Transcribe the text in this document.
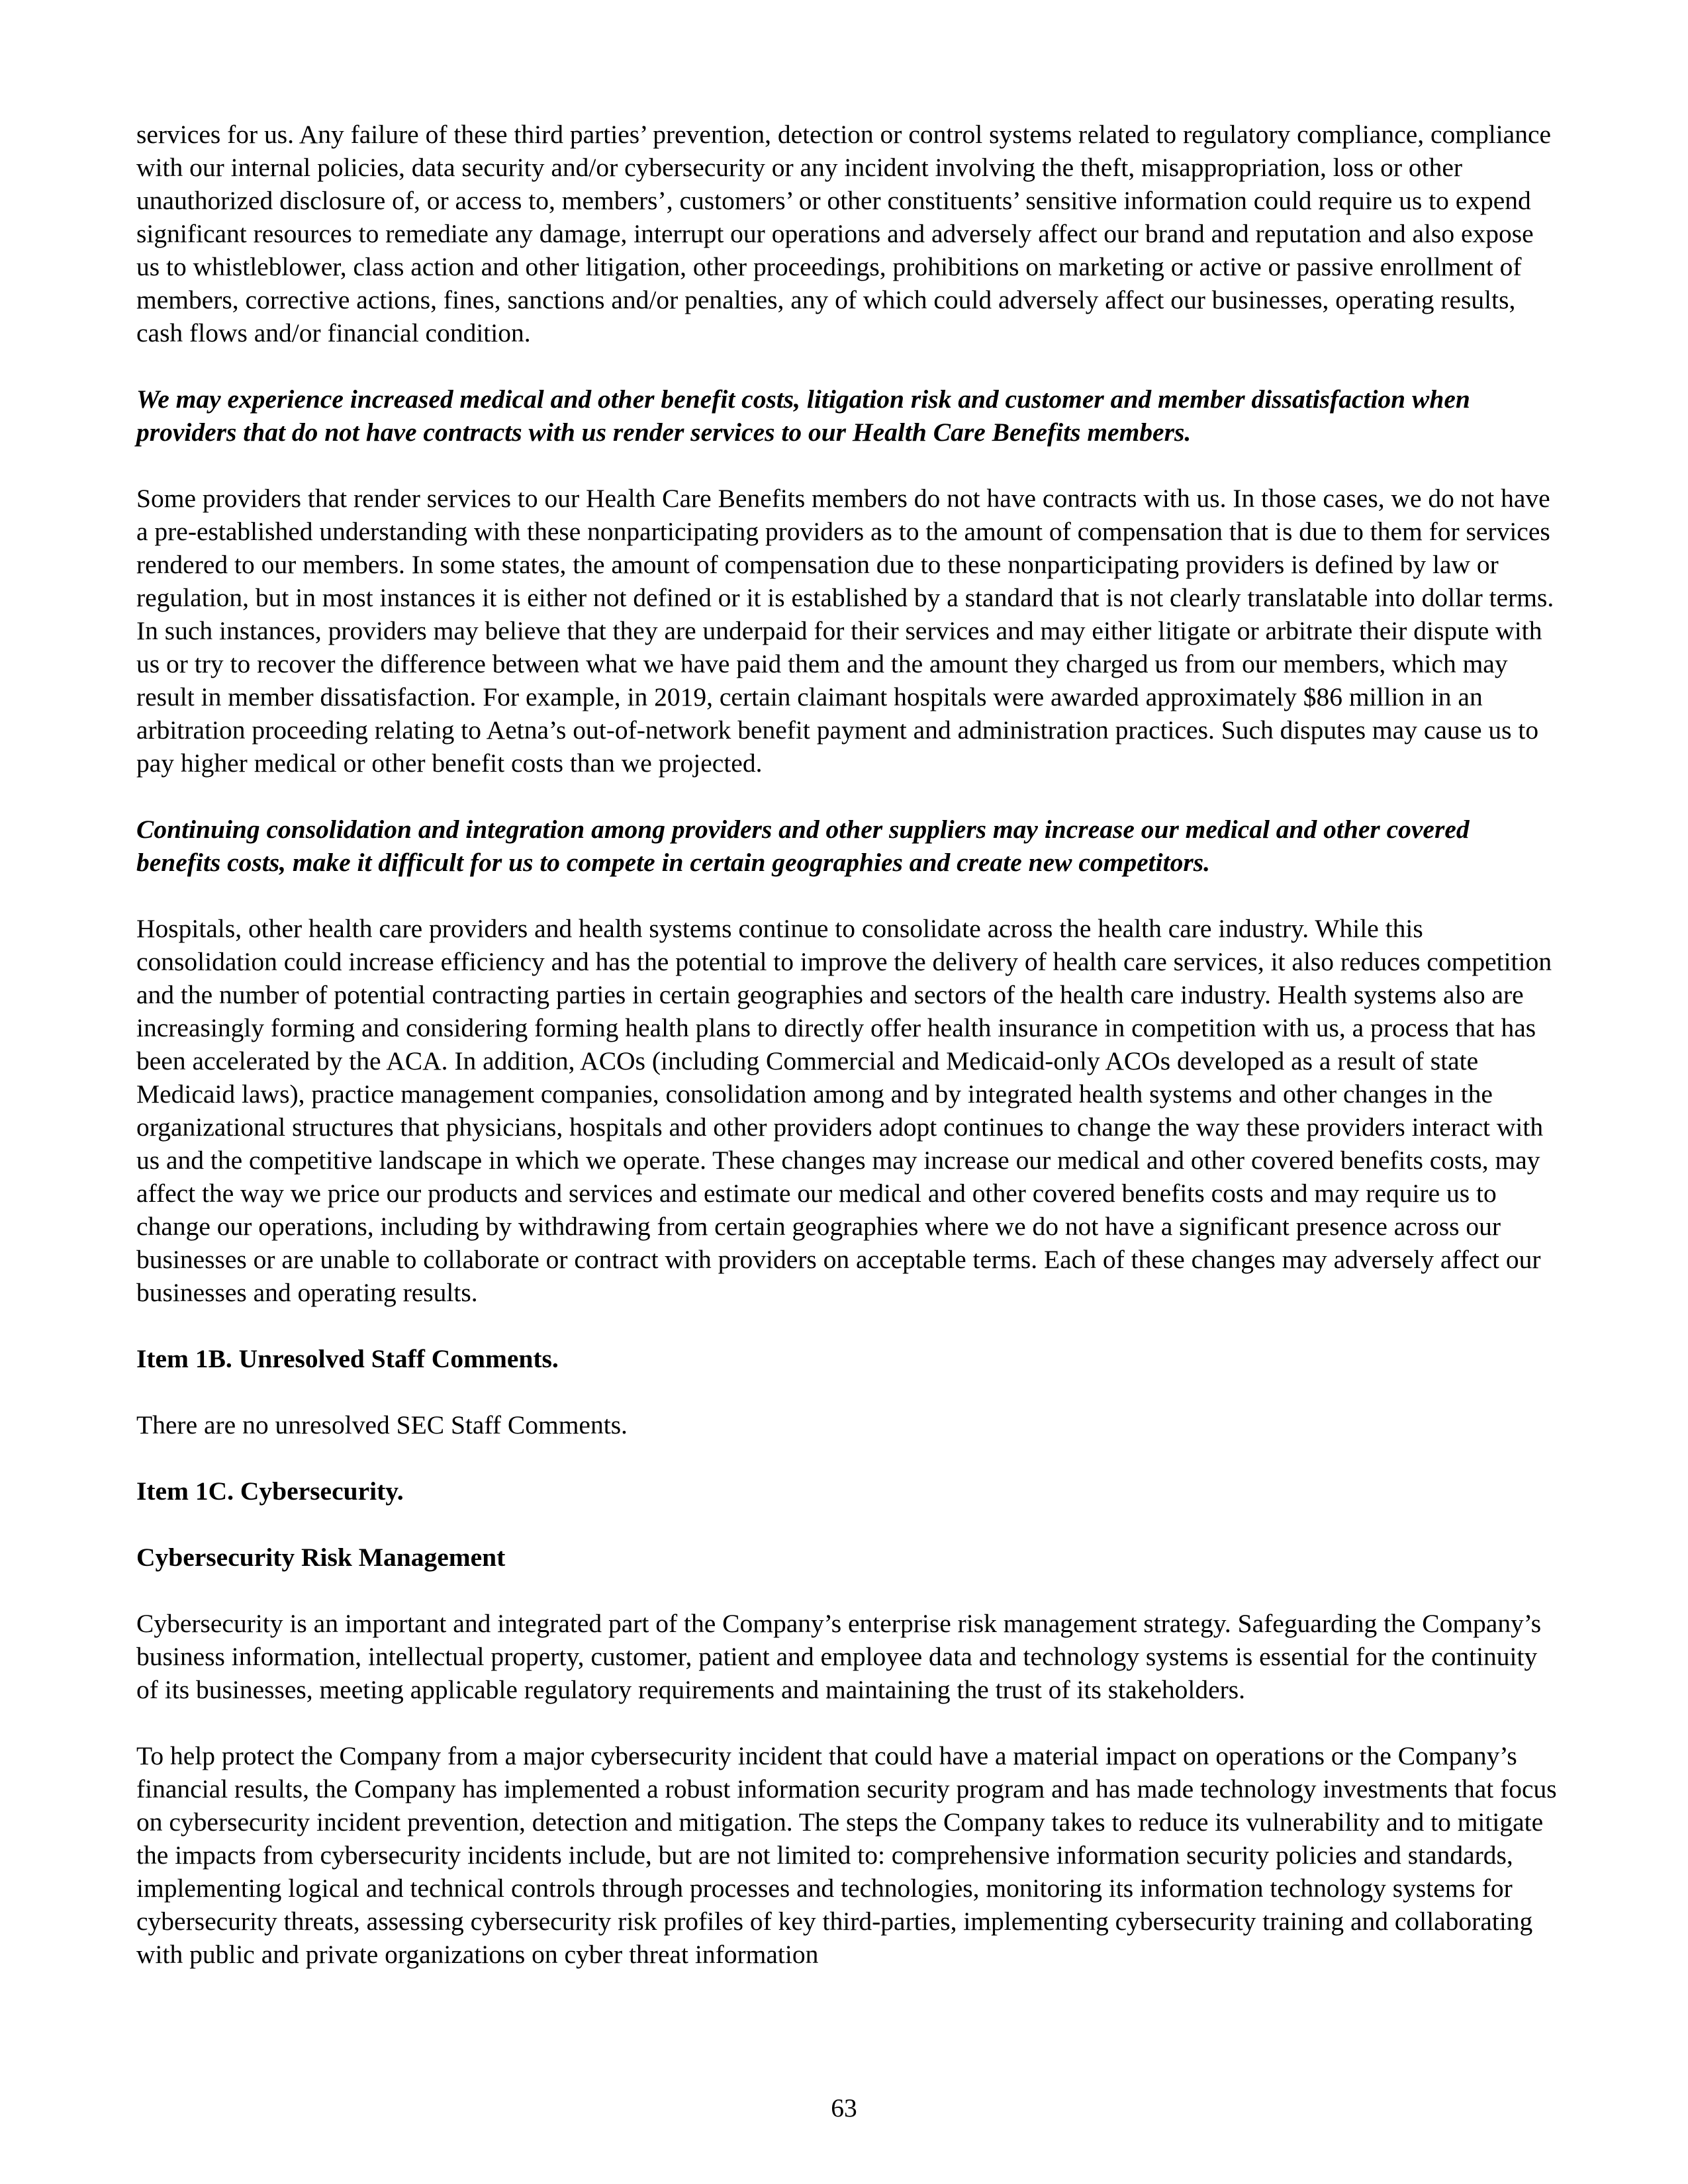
services for us. Any failure of these third parties’ prevention, detection or control systems related to regulatory compliance, compliance with our internal policies, data security and/or cybersecurity or any incident involving the theft, misappropriation, loss or other unauthorized disclosure of, or access to, members’, customers’ or other constituents’ sensitive information could require us to expend significant resources to remediate any damage, interrupt our operations and adversely affect our brand and reputation and also expose us to whistleblower, class action and other litigation, other proceedings, prohibitions on marketing or active or passive enrollment of members, corrective actions, fines, sanctions and/or penalties, any of which could adversely affect our businesses, operating results, cash flows and/or financial condition.

We may experience increased medical and other benefit costs, litigation risk and customer and member dissatisfaction when providers that do not have contracts with us render services to our Health Care Benefits members.

Some providers that render services to our Health Care Benefits members do not have contracts with us. In those cases, we do not have a pre-established understanding with these nonparticipating providers as to the amount of compensation that is due to them for services rendered to our members. In some states, the amount of compensation due to these nonparticipating providers is defined by law or regulation, but in most instances it is either not defined or it is established by a standard that is not clearly translatable into dollar terms. In such instances, providers may believe that they are underpaid for their services and may either litigate or arbitrate their dispute with us or try to recover the difference between what we have paid them and the amount they charged us from our members, which may result in member dissatisfaction. For example, in 2019, certain claimant hospitals were awarded approximately $86 million in an arbitration proceeding relating to Aetna’s out-of-network benefit payment and administration practices. Such disputes may cause us to pay higher medical or other benefit costs than we projected.

Continuing consolidation and integration among providers and other suppliers may increase our medical and other covered benefits costs, make it difficult for us to compete in certain geographies and create new competitors.

Hospitals, other health care providers and health systems continue to consolidate across the health care industry. While this consolidation could increase efficiency and has the potential to improve the delivery of health care services, it also reduces competition and the number of potential contracting parties in certain geographies and sectors of the health care industry. Health systems also are increasingly forming and considering forming health plans to directly offer health insurance in competition with us, a process that has been accelerated by the ACA. In addition, ACOs (including Commercial and Medicaid-only ACOs developed as a result of state Medicaid laws), practice management companies, consolidation among and by integrated health systems and other changes in the organizational structures that physicians, hospitals and other providers adopt continues to change the way these providers interact with us and the competitive landscape in which we operate. These changes may increase our medical and other covered benefits costs, may affect the way we price our products and services and estimate our medical and other covered benefits costs and may require us to change our operations, including by withdrawing from certain geographies where we do not have a significant presence across our businesses or are unable to collaborate or contract with providers on acceptable terms. Each of these changes may adversely affect our businesses and operating results.

Item 1B. Unresolved Staff Comments.

There are no unresolved SEC Staff Comments.

Item 1C. Cybersecurity.

Cybersecurity Risk Management

Cybersecurity is an important and integrated part of the Company’s enterprise risk management strategy. Safeguarding the Company’s business information, intellectual property, customer, patient and employee data and technology systems is essential for the continuity of its businesses, meeting applicable regulatory requirements and maintaining the trust of its stakeholders.

To help protect the Company from a major cybersecurity incident that could have a material impact on operations or the Company’s financial results, the Company has implemented a robust information security program and has made technology investments that focus on cybersecurity incident prevention, detection and mitigation. The steps the Company takes to reduce its vulnerability and to mitigate the impacts from cybersecurity incidents include, but are not limited to: comprehensive information security policies and standards, implementing logical and technical controls through processes and technologies, monitoring its information technology systems for cybersecurity threats, assessing cybersecurity risk profiles of key third-parties, implementing cybersecurity training and collaborating with public and private organizations on cyber threat information

63
